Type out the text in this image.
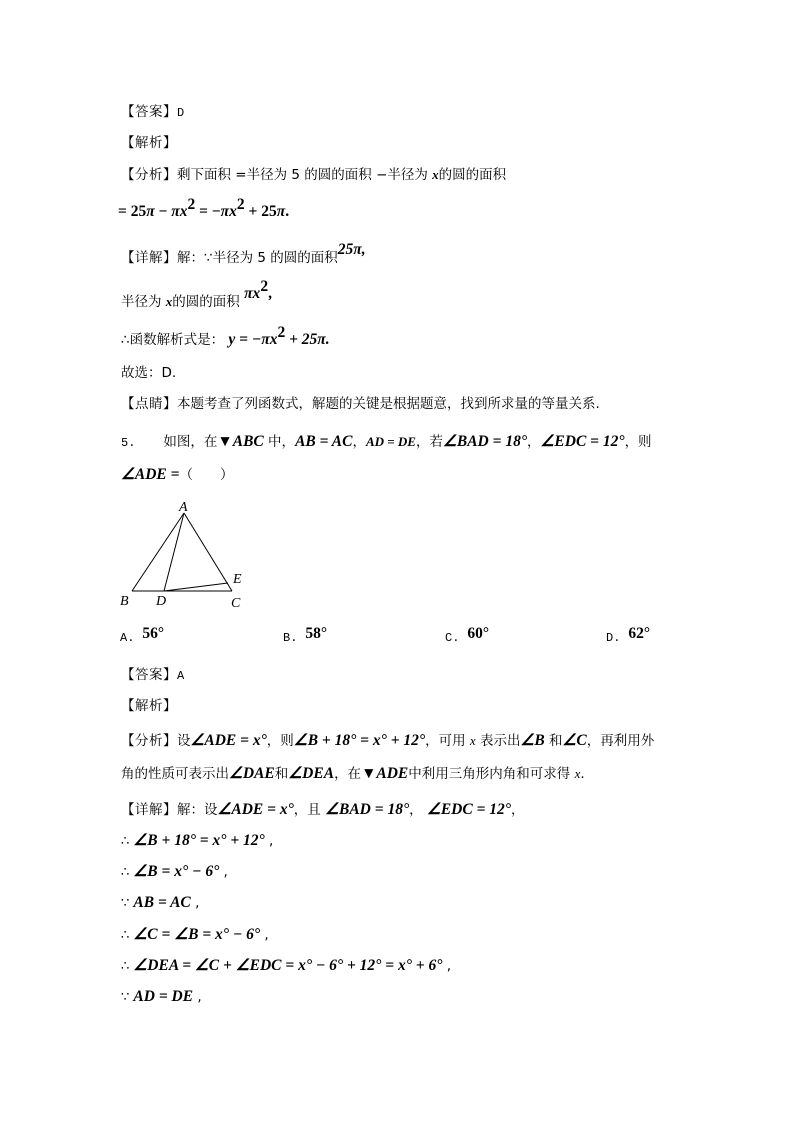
【答案】D
【解析】
【分析】剩下面积 =半径为 5 的圆的面积 −半径为 x的圆的面积
= $25\pi - \pi x^2 = -\pi x^2 + 25\pi$.
【详解】解：∵半径为 5 的圆的面积25π,
半径为 x的圆的面积 $\pi x^2$,
∴函数解析式是： $y = -\pi x^2 + 25\pi$.
故选：D.
【点睛】本题考查了列函数式，解题的关键是根据题意，找到所求量的等量关系.
5. 如图，在▼ABC 中，AB = AC，AD = DE，若∠BAD = 18°，∠EDC = 12°，则
∠ADE =（　　）
A
B D	C
E
A. 56°	B. 58°	C. 60°	D. 62°
【答案】A
【解析】
【分析】设∠ADE = x°，则∠B + 18° = x° + 12°，可用 x 表示出∠B 和∠C，再利用外
角的性质可表示出∠DAE和∠DEA，在▼ADE中利用三角形内角和可求得 x.
【详解】解：设∠ADE = x°，且 ∠BAD = 18°， ∠EDC = 12°，
∴ ∠B + 18° = x° + 12° ,
∴ ∠B = x° − 6° ,
∵ AB = AC ,
∴ ∠C = ∠B = x° − 6° ,
∴ ∠DEA = ∠C + ∠EDC = x° − 6° + 12° = x° + 6° ,
∵ AD = DE ,
